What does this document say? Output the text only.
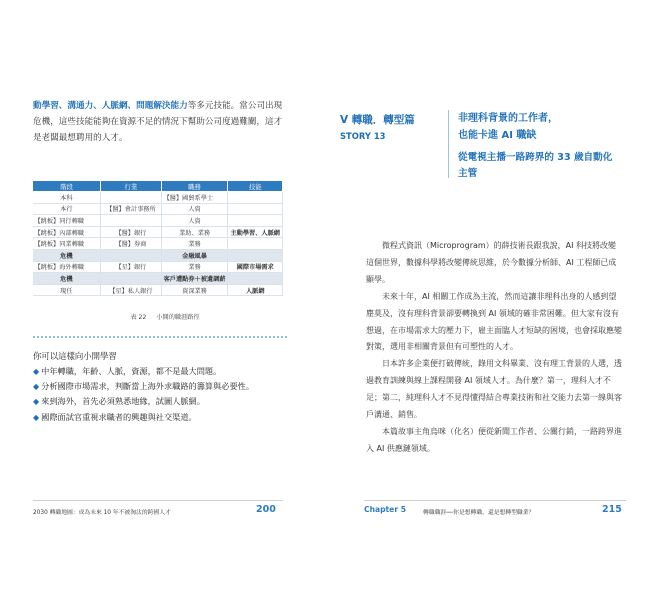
動學習、溝通力、人脈網、問題解決能力等多元技能。當公司出現危機，這些技能能夠在資源不足的情況下幫助公司度過難關，這才是老闆最想聘用的人才。

階段	行業	職務	技能
本科		【醫】國貿系學士	
本行	【醫】會計事務所	人資	
【跳板】同行轉職		人資	
【跳板】內部轉職	【醫】銀行	業助、業務	主動學習、人脈網
【跳板】同業轉職	【醫】券商	業務	
危機		金融風暴	
【跳板】海外轉職	【星】銀行	業務	國際市場需求
危機		客戶遭點券＋被遺調薪	
現任	【星】私人銀行	資深業務	人脈網
表 22 小開的職涯路徑
你可以這樣向小開學習
◆ 中年轉職，年齡、人脈，資源，都不是最大問題。
◆ 分析國際市場需求，判斷當上海外求職路的籌算與必要性。
◆ 來到海外，首先必須熟悉地緣，試圖人脈網。
◆ 國際面試官重視求職者的興趣與社交渠道。
2030 轉職地圖：成為未來 10 年不被淘汰的跨國人才	200
V 轉職．轉型篇
STORY 13
非理科背景的工作者，
也能卡進 AI 職缺
從電視主播一路跨界的 33 歲自動化
主管

微程式資訊（Microprogram）的薛技術長跟我說，AI 科技將改變這個世界，數據科學將改變傳統思維，於今數據分析師、AI 工程師已成顯學。

未來十年，AI 相關工作成為主流，然而這讓非理科出身的人感到望塵莫及，沒有理科背景卻要轉換到 AI 領域的確非常困難。但大家有沒有想過，在市場需求大的壓力下，雇主面臨人才短缺的困境，也會採取應變對策，選用非相關背景但有可塑性的人才。

日本許多企業便打破傳統，錄用文科畢業、沒有理工背景的人選，透過教育訓練與線上課程開發 AI 領域人才。為什麼？第一，理科人才不足；第二，純理科人才不見得懂得結合專業技術和社交能力去第一線與客戶溝通、銷售。

本篇故事主角烏咪（化名）便從新聞工作者、公關行銷，一路跨界進入 AI 供應鏈領域。

Chapter 5	轉職職涯──你是想轉職，還是想轉型職業？	215
